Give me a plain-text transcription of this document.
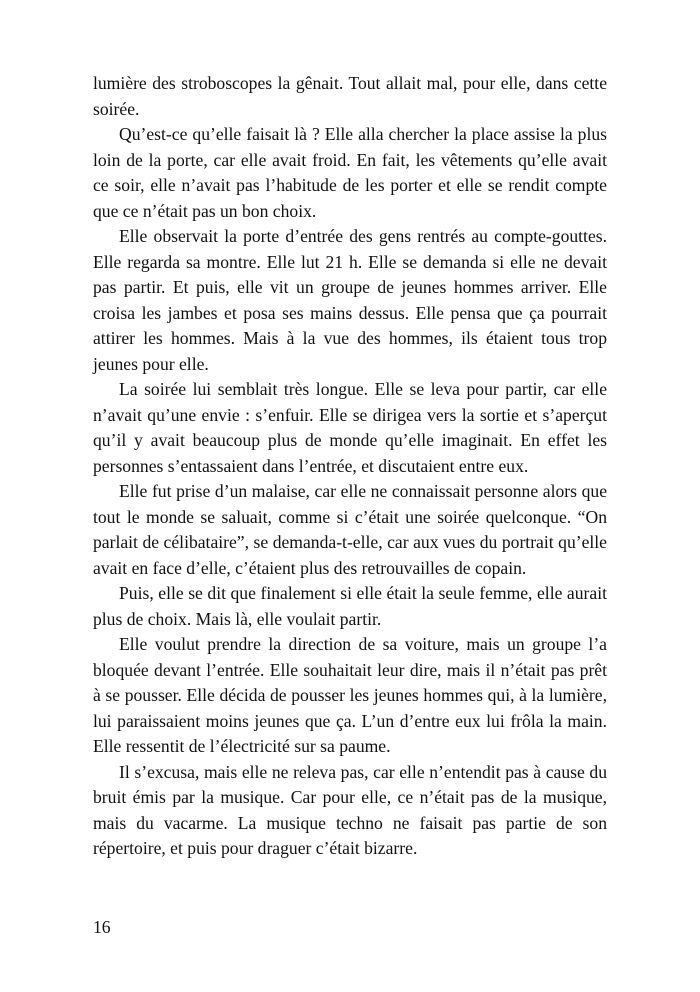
lumière des stroboscopes la gênait. Tout allait mal, pour elle, dans cette soirée.

Qu’est-ce qu’elle faisait là ? Elle alla chercher la place assise la plus loin de la porte, car elle avait froid. En fait, les vêtements qu’elle avait ce soir, elle n’avait pas l’habitude de les porter et elle se rendit compte que ce n’était pas un bon choix.

Elle observait la porte d’entrée des gens rentrés au compte-gouttes. Elle regarda sa montre. Elle lut 21 h. Elle se demanda si elle ne devait pas partir. Et puis, elle vit un groupe de jeunes hommes arriver. Elle croisa les jambes et posa ses mains dessus. Elle pensa que ça pourrait attirer les hommes. Mais à la vue des hommes, ils étaient tous trop jeunes pour elle.

La soirée lui semblait très longue. Elle se leva pour partir, car elle n’avait qu’une envie : s’enfuir. Elle se dirigea vers la sortie et s’aperçut qu’il y avait beaucoup plus de monde qu’elle imaginait. En effet les personnes s’entassaient dans l’entrée, et discutaient entre eux.

Elle fut prise d’un malaise, car elle ne connaissait personne alors que tout le monde se saluait, comme si c’était une soirée quelconque. “On parlait de célibataire”, se demanda-t-elle, car aux vues du portrait qu’elle avait en face d’elle, c’étaient plus des retrouvailles de copain.

Puis, elle se dit que finalement si elle était la seule femme, elle aurait plus de choix. Mais là, elle voulait partir.

Elle voulut prendre la direction de sa voiture, mais un groupe l’a bloquée devant l’entrée. Elle souhaitait leur dire, mais il n’était pas prêt à se pousser. Elle décida de pousser les jeunes hommes qui, à la lumière, lui paraissaient moins jeunes que ça. L’un d’entre eux lui frôla la main. Elle ressentit de l’électricité sur sa paume.

Il s’excusa, mais elle ne releva pas, car elle n’entendit pas à cause du bruit émis par la musique. Car pour elle, ce n’était pas de la musique, mais du vacarme. La musique techno ne faisait pas partie de son répertoire, et puis pour draguer c’était bizarre.

16
